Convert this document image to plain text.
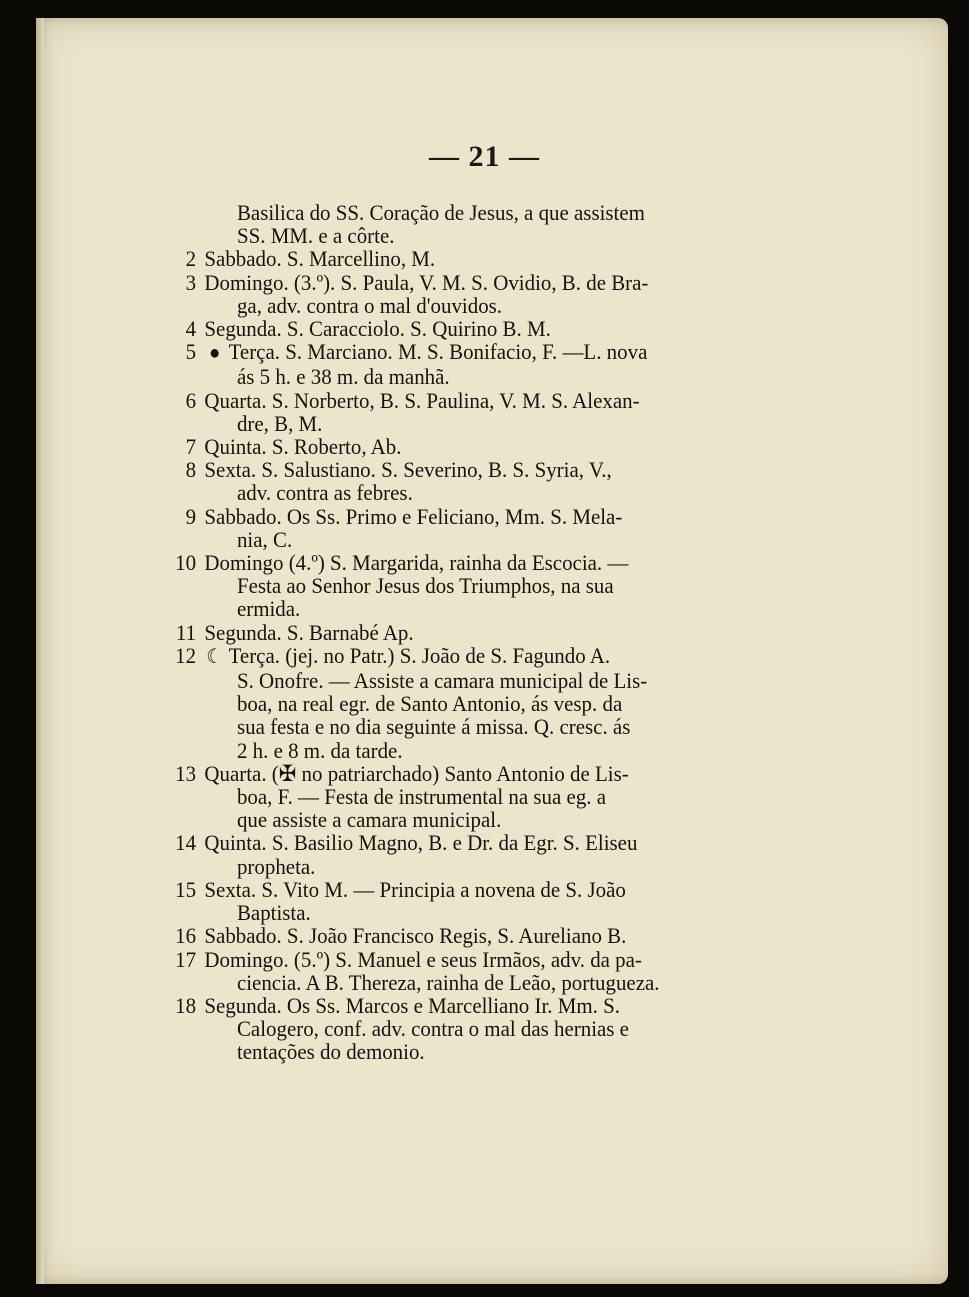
— 21 —
Basilica do SS. Coração de Jesus, a que assistem
SS. MM. e a côrte.
2 Sabbado. S. Marcellino, M.
3 Domingo. (3.º). S. Paula, V. M. S. Ovidio, B. de Bra-
ga, adv. contra o mal d'ouvidos.
4 Segunda. S. Caracciolo. S. Quirino B. M.
5 ● Terça. S. Marciano. M. S. Bonifacio, F. —L. nova
ás 5 h. e 38 m. da manhã.
6 Quarta. S. Norberto, B. S. Paulina, V. M. S. Alexan-
dre, B, M.
7 Quinta. S. Roberto, Ab.
8 Sexta. S. Salustiano. S. Severino, B. S. Syria, V.,
adv. contra as febres.
9 Sabbado. Os Ss. Primo e Feliciano, Mm. S. Mela-
nia, C.
10 Domingo (4.º) S. Margarida, rainha da Escocia. —
Festa ao Senhor Jesus dos Triumphos, na sua
ermida.
11 Segunda. S. Barnabé Ap.
12 ☾ Terça. (jej. no Patr.) S. João de S. Fagundo A.
S. Onofre. — Assiste a camara municipal de Lis-
boa, na real egr. de Santo Antonio, ás vesp. da
sua festa e no dia seguinte á missa. Q. cresc. ás
2 h. e 8 m. da tarde.
13 Quarta. (✠ no patriarchado) Santo Antonio de Lis-
boa, F. — Festa de instrumental na sua eg. a
que assiste a camara municipal.
14 Quinta. S. Basilio Magno, B. e Dr. da Egr. S. Eliseu
propheta.
15 Sexta. S. Vito M. — Principia a novena de S. João
Baptista.
16 Sabbado. S. João Francisco Regis, S. Aureliano B.
17 Domingo. (5.º) S. Manuel e seus Irmãos, adv. da pa-
ciencia. A B. Thereza, rainha de Leão, portugueza.
18 Segunda. Os Ss. Marcos e Marcelliano Ir. Mm. S.
Calogero, conf. adv. contra o mal das hernias e
tentações do demonio.
